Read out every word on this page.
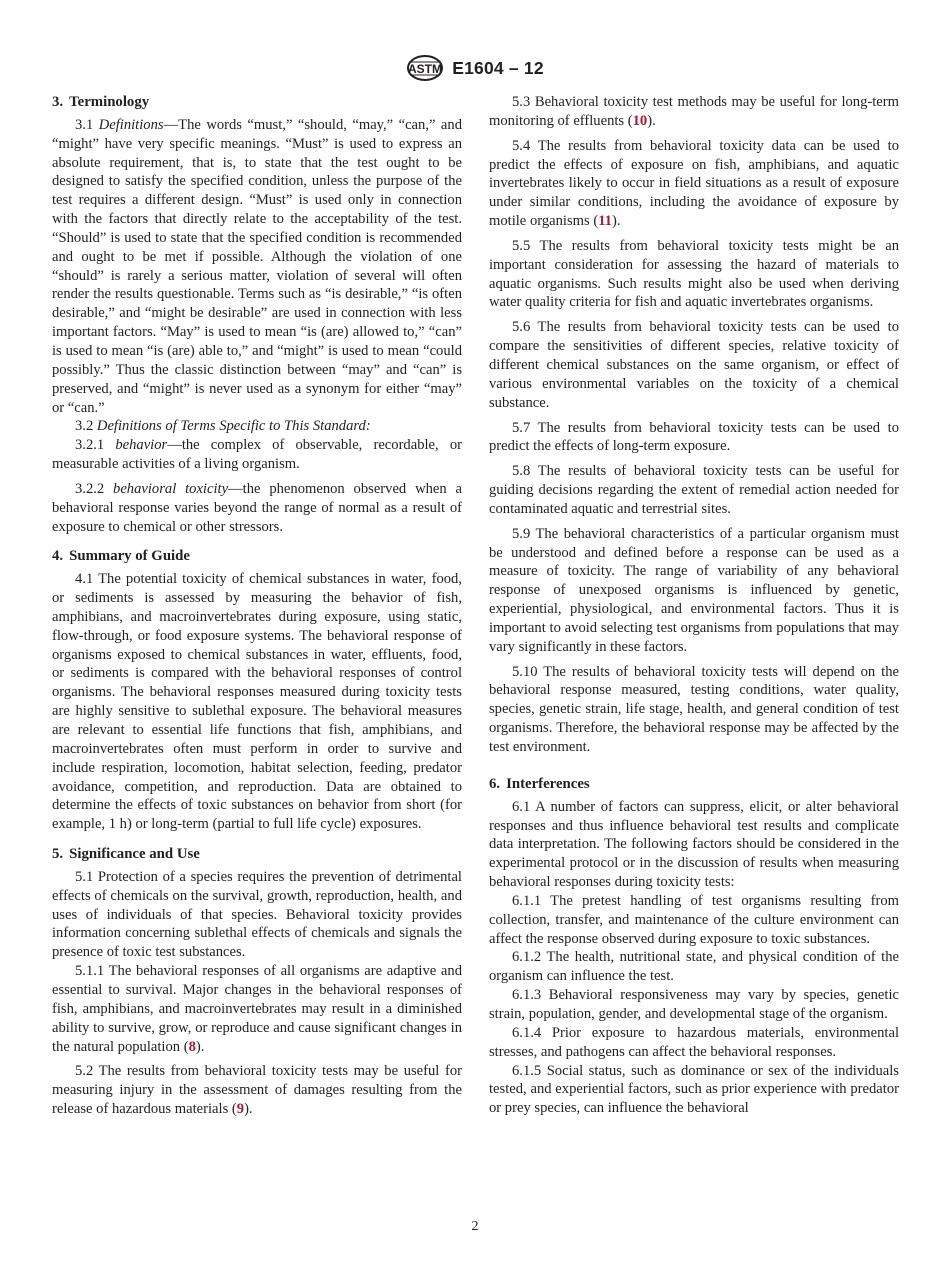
ASTM E1604 – 12
3. Terminology

3.1 Definitions—The words “must,” “should, “may,” “can,” and “might” have very specific meanings. “Must” is used to express an absolute requirement, that is, to state that the test ought to be designed to satisfy the specified condition, unless the purpose of the test requires a different design. “Must” is used only in connection with the factors that directly relate to the acceptability of the test. “Should” is used to state that the specified condition is recommended and ought to be met if possible. Although the violation of one “should” is rarely a serious matter, violation of several will often render the results questionable. Terms such as “is desirable,” “is often desirable,” and “might be desirable” are used in connection with less important factors. “May” is used to mean “is (are) allowed to,” “can” is used to mean “is (are) able to,” and “might” is used to mean “could possibly.” Thus the classic distinction between “may” and “can” is preserved, and “might” is never used as a synonym for either “may” or “can.”

3.2 Definitions of Terms Specific to This Standard:

3.2.1 behavior—the complex of observable, recordable, or measurable activities of a living organism.

3.2.2 behavioral toxicity—the phenomenon observed when a behavioral response varies beyond the range of normal as a result of exposure to chemical or other stressors.

4. Summary of Guide

4.1 The potential toxicity of chemical substances in water, food, or sediments is assessed by measuring the behavior of fish, amphibians, and macroinvertebrates during exposure, using static, flow-through, or food exposure systems. The behavioral response of organisms exposed to chemical substances in water, effluents, food, or sediments is compared with the behavioral responses of control organisms. The behavioral responses measured during toxicity tests are highly sensitive to sublethal exposure. The behavioral measures are relevant to essential life functions that fish, amphibians, and macroinvertebrates often must perform in order to survive and include respiration, locomotion, habitat selection, feeding, predator avoidance, competition, and reproduction. Data are obtained to determine the effects of toxic substances on behavior from short (for example, 1 h) or long-term (partial to full life cycle) exposures.

5. Significance and Use

5.1 Protection of a species requires the prevention of detrimental effects of chemicals on the survival, growth, reproduction, health, and uses of individuals of that species. Behavioral toxicity provides information concerning sublethal effects of chemicals and signals the presence of toxic test substances.

5.1.1 The behavioral responses of all organisms are adaptive and essential to survival. Major changes in the behavioral responses of fish, amphibians, and macroinvertebrates may result in a diminished ability to survive, grow, or reproduce and cause significant changes in the natural population (8).

5.2 The results from behavioral toxicity tests may be useful for measuring injury in the assessment of damages resulting from the release of hazardous materials (9).

5.3 Behavioral toxicity test methods may be useful for long-term monitoring of effluents (10).

5.4 The results from behavioral toxicity data can be used to predict the effects of exposure on fish, amphibians, and aquatic invertebrates likely to occur in field situations as a result of exposure under similar conditions, including the avoidance of exposure by motile organisms (11).

5.5 The results from behavioral toxicity tests might be an important consideration for assessing the hazard of materials to aquatic organisms. Such results might also be used when deriving water quality criteria for fish and aquatic invertebrates organisms.

5.6 The results from behavioral toxicity tests can be used to compare the sensitivities of different species, relative toxicity of different chemical substances on the same organism, or effect of various environmental variables on the toxicity of a chemical substance.

5.7 The results from behavioral toxicity tests can be used to predict the effects of long-term exposure.

5.8 The results of behavioral toxicity tests can be useful for guiding decisions regarding the extent of remedial action needed for contaminated aquatic and terrestrial sites.

5.9 The behavioral characteristics of a particular organism must be understood and defined before a response can be used as a measure of toxicity. The range of variability of any behavioral response of unexposed organisms is influenced by genetic, experiential, physiological, and environmental factors. Thus it is important to avoid selecting test organisms from populations that may vary significantly in these factors.

5.10 The results of behavioral toxicity tests will depend on the behavioral response measured, testing conditions, water quality, species, genetic strain, life stage, health, and general condition of test organisms. Therefore, the behavioral response may be affected by the test environment.

6. Interferences

6.1 A number of factors can suppress, elicit, or alter behavioral responses and thus influence behavioral test results and complicate data interpretation. The following factors should be considered in the experimental protocol or in the discussion of results when measuring behavioral responses during toxicity tests:

6.1.1 The pretest handling of test organisms resulting from collection, transfer, and maintenance of the culture environment can affect the response observed during exposure to toxic substances.

6.1.2 The health, nutritional state, and physical condition of the organism can influence the test.

6.1.3 Behavioral responsiveness may vary by species, genetic strain, population, gender, and developmental stage of the organism.

6.1.4 Prior exposure to hazardous materials, environmental stresses, and pathogens can affect the behavioral responses.

6.1.5 Social status, such as dominance or sex of the individuals tested, and experiential factors, such as prior experience with predator or prey species, can influence the behavioral

2
